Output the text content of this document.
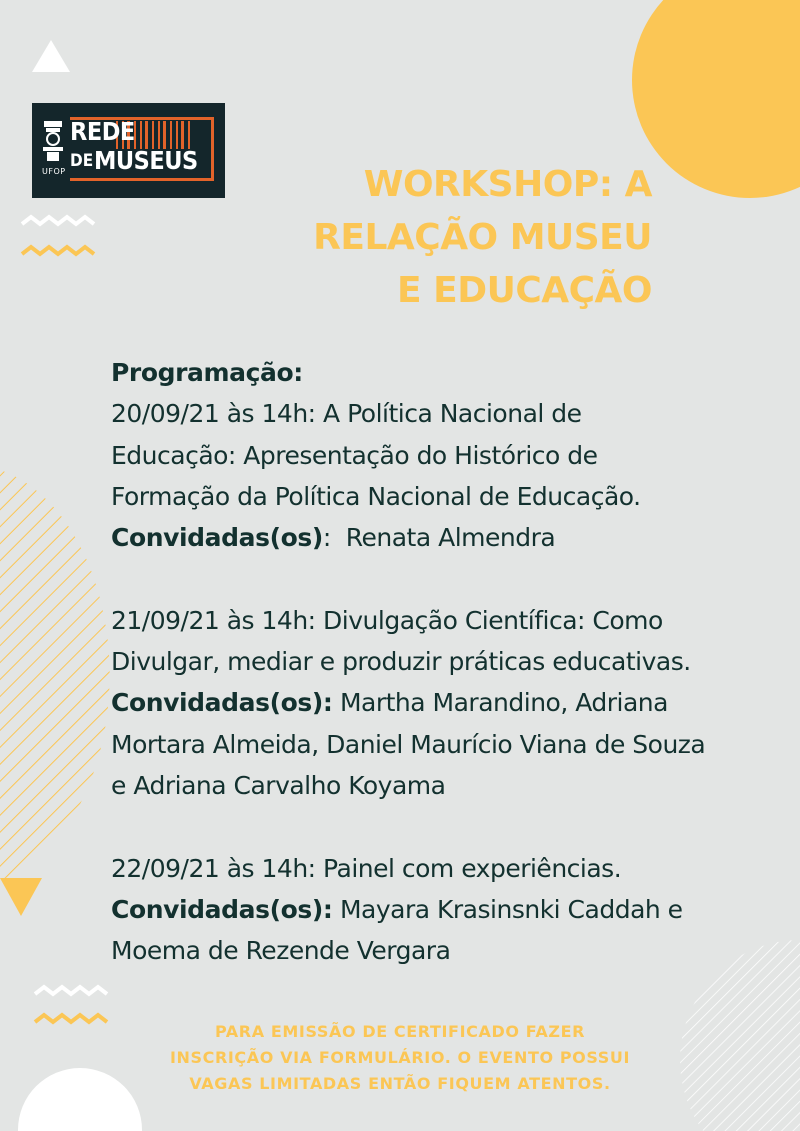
UFOP
REDE
DE MUSEUS
WORKSHOP: A
RELAÇÃO MUSEU
E EDUCAÇÃO
Programação:
20/09/21 às 14h: A Política Nacional de
Educação: Apresentação do Histórico de
Formação da Política Nacional de Educação.
Convidadas(os):  Renata Almendra
21/09/21 às 14h: Divulgação Científica: Como
Divulgar, mediar e produzir práticas educativas.
Convidadas(os): Martha Marandino, Adriana
Mortara Almeida, Daniel Maurício Viana de Souza
e Adriana Carvalho Koyama
22/09/21 às 14h: Painel com experiências.
Convidadas(os): Mayara Krasinsnki Caddah e
Moema de Rezende Vergara
PARA EMISSÃO DE CERTIFICADO FAZER
INSCRIÇÃO VIA FORMULÁRIO. O EVENTO POSSUI
VAGAS LIMITADAS ENTÃO FIQUEM ATENTOS.
